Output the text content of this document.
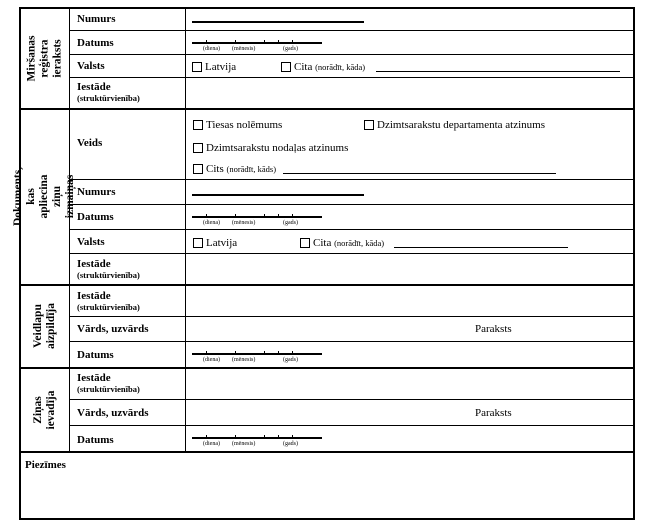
Miršanas reģistra ieraksts
Dokuments, kas apliecina ziņu izmaiņas
Veidlapu aizpildīja
Ziņas ievadīja
Numurs
Datums	(diena) (mēnesis)	(gads)
Valsts	Latvija	Cita (norādīt, kāda)
Iestāde
(struktūrvienība)
Veids
Tiesas nolēmums	Dzimtsarakstu departamenta atzinums
Dzimtsarakstu nodaļas atzinums
Cits (norādīt, kāds)
Numurs
Datums	(diena) (mēnesis)	(gads)
Valsts	Latvija	Cita (norādīt, kāda)
Iestāde
(struktūrvienība)
Iestāde
(struktūrvienība)
Vārds, uzvārds	Paraksts
Datums	(diena) (mēnesis)	(gads)
Iestāde
(struktūrvienība)
Vārds, uzvārds	Paraksts
Datums	(diena) (mēnesis)	(gads)
Piezīmes
